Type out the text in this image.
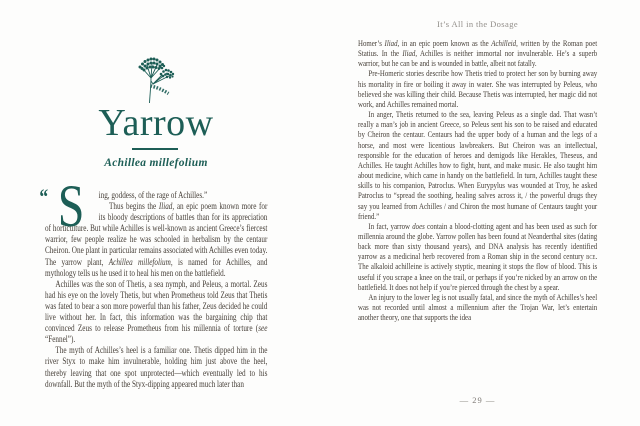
Yarrow
Achillea millefolium
“ S	ing, goddess, of the rage of Achilles.”

Thus begins the Iliad, an epic poem known more for its bloody descriptions of battles than for its appreciation of horticulture. But while Achilles is well-known as ancient Greece’s fiercest warrior, few people realize he was schooled in herbalism by the centaur Cheiron. One plant in particular remains associated with Achilles even today. The yarrow plant, Achillea millefolium, is named for Achilles, and mythology tells us he used it to heal his men on the battlefield.

Achilles was the son of Thetis, a sea nymph, and Peleus, a mortal. Zeus had his eye on the lovely Thetis, but when Prometheus told Zeus that Thetis was fated to bear a son more powerful than his father, Zeus decided he could live without her. In fact, this information was the bargaining chip that convinced Zeus to release Prometheus from his millennia of torture (see “Fennel”).

The myth of Achilles’s heel is a familiar one. Thetis dipped him in the river Styx to make him invulnerable, holding him just above the heel, thereby leaving that one spot unprotected—which eventually led to his downfall. But the myth of the Styx-dipping appeared much later than

It’s All in the Dosage

Homer’s Iliad, in an epic poem known as the Achilleid, written by the Roman poet Statius. In the Iliad, Achilles is neither immortal nor invulnerable. He’s a superb warrior, but he can be and is wounded in battle, albeit not fatally.

Pre-Homeric stories describe how Thetis tried to protect her son by burning away his mortality in fire or boiling it away in water. She was interrupted by Peleus, who believed she was killing their child. Because Thetis was interrupted, her magic did not work, and Achilles remained mortal.

In anger, Thetis returned to the sea, leaving Peleus as a single dad. That wasn’t really a man’s job in ancient Greece, so Peleus sent his son to be raised and educated by Cheiron the centaur. Centaurs had the upper body of a human and the legs of a horse, and most were licentious lawbreakers. But Cheiron was an intellectual, responsible for the education of heroes and demigods like Herakles, Theseus, and Achilles. He taught Achilles how to fight, hunt, and make music. He also taught him about medicine, which came in handy on the battlefield. In turn, Achilles taught these skills to his companion, Patroclus. When Eurypylus was wounded at Troy, he asked Patroclus to “spread the soothing, healing salves across it, / the powerful drugs they say you learned from Achilles / and Chiron the most humane of Centaurs taught your friend.”

In fact, yarrow does contain a blood-clotting agent and has been used as such for millennia around the globe. Yarrow pollen has been found at Neanderthal sites (dating back more than sixty thousand years), and DNA analysis has recently identified yarrow as a medicinal herb recovered from a Roman ship in the second century bce. The alkaloid achilleine is actively styptic, meaning it stops the flow of blood. This is useful if you scrape a knee on the trail, or perhaps if you’re nicked by an arrow on the battlefield. It does not help if you’re pierced through the chest by a spear.

An injury to the lower leg is not usually fatal, and since the myth of Achilles’s heel was not recorded until almost a millennium after the Trojan War, let’s entertain another theory, one that supports the idea

— 29 —
